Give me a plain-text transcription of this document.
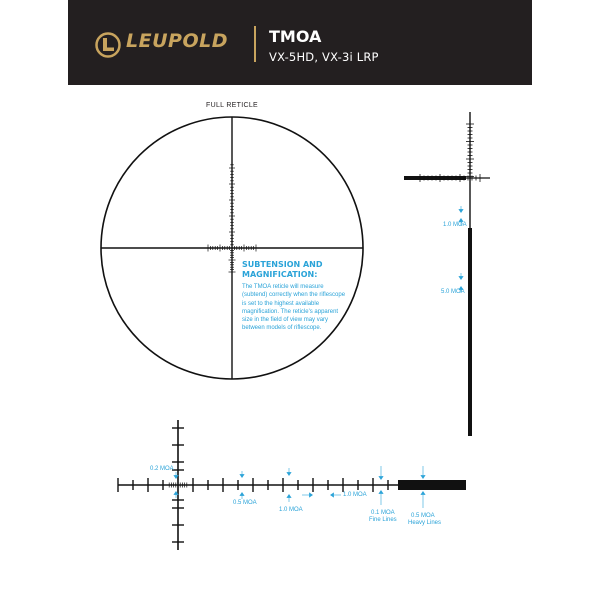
LEUPOLD	TMOA
VX-5HD, VX-3i LRP
FULL RETICLE
SUBTENSION AND MAGNIFICATION:
The TMOA reticle will measure (subtend) correctly when the riflescope is set to the highest available magnification. The reticle's apparent size in the field of view may vary between models of riflescope.
1.0 MOA
5.0 MOA
0.2 MOA
0.5 MOA
1.0 MOA
1.0 MOA
0.1 MOA
Fine Lines
0.5 MOA
Heavy Lines
